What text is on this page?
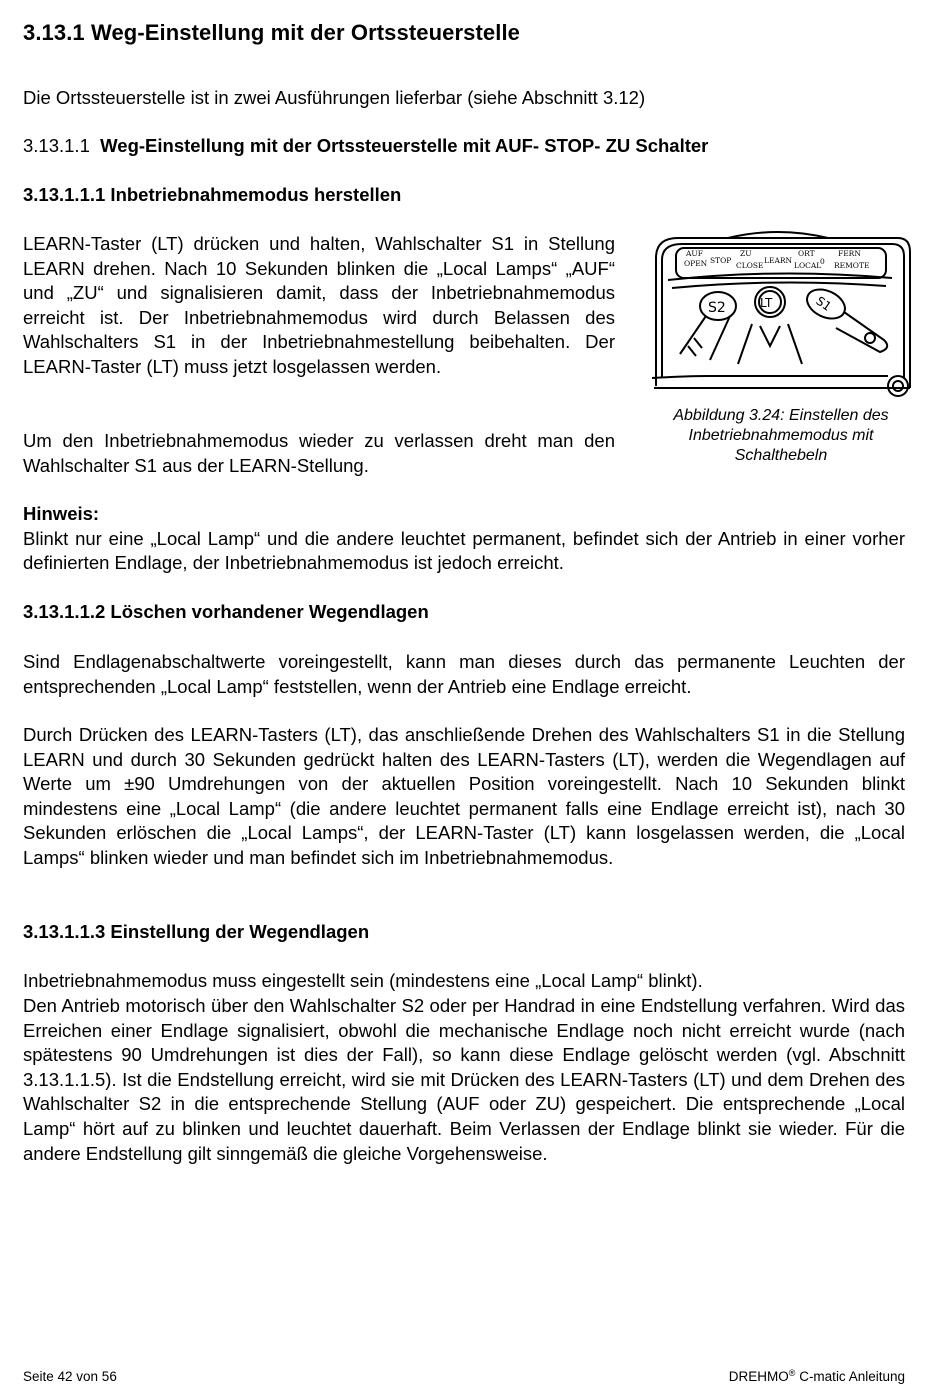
3.13.1 Weg-Einstellung mit der Ortssteuerstelle

Die Ortssteuerstelle ist in zwei Ausführungen lieferbar (siehe Abschnitt 3.12)

3.13.1.1 Weg-Einstellung mit der Ortssteuerstelle mit AUF- STOP- ZU Schalter

3.13.1.1.1 Inbetriebnahmemodus herstellen

LEARN-Taster (LT) drücken und halten, Wahlschalter S1 in Stellung LEARN drehen. Nach 10 Sekunden blinken die „Local Lamps“ „AUF“ und „ZU“ und signalisieren damit, dass der Inbetriebnahmemodus erreicht ist. Der Inbetriebnahmemodus wird durch Belassen des Wahlschalters S1 in der Inbetriebnahmestellung beibehalten. Der LEARN-Taster (LT) muss jetzt losgelassen werden.

Um den Inbetriebnahmemodus wieder zu verlassen dreht man den Wahlschalter S1 aus der LEARN-Stellung.

Hinweis:
Blinkt nur eine „Local Lamp“ und die andere leuchtet permanent, befindet sich der Antrieb in einer vorher definierten Endlage, der Inbetriebnahmemodus ist jedoch erreicht.

3.13.1.1.2 Löschen vorhandener Wegendlagen

Sind Endlagenabschaltwerte voreingestellt, kann man dieses durch das permanente Leuchten der entsprechenden „Local Lamp“ feststellen, wenn der Antrieb eine Endlage erreicht.

Durch Drücken des LEARN-Tasters (LT), das anschließende Drehen des Wahlschalters S1 in die Stellung LEARN und durch 30 Sekunden gedrückt halten des LEARN-Tasters (LT), werden die Wegendlagen auf Werte um ±90 Umdrehungen von der aktuellen Position voreingestellt. Nach 10 Sekunden blinkt mindestens eine „Local Lamp“ (die andere leuchtet permanent falls eine Endlage erreicht ist), nach 30 Sekunden erlöschen die „Local Lamps“, der LEARN-Taster (LT) kann losgelassen werden, die „Local Lamps“ blinken wieder und man befindet sich im Inbetriebnahmemodus.

3.13.1.1.3 Einstellung der Wegendlagen

Inbetriebnahmemodus muss eingestellt sein (mindestens eine „Local Lamp“ blinkt).

Den Antrieb motorisch über den Wahlschalter S2 oder per Handrad in eine Endstellung verfahren. Wird das Erreichen einer Endlage signalisiert, obwohl die mechanische Endlage noch nicht erreicht wurde (nach spätestens 90 Umdrehungen ist dies der Fall), so kann diese Endlage gelöscht werden (vgl. Abschnitt 3.13.1.1.5). Ist die Endstellung erreicht, wird sie mit Drücken des LEARN-Tasters (LT) und dem Drehen des Wahlschalter S2 in die entsprechende Stellung (AUF oder ZU) gespeichert. Die entsprechende „Local Lamp“ hört auf zu blinken und leuchtet dauerhaft. Beim Verlassen der Endlage blinkt sie wieder. Für die andere Endstellung gilt sinngemäß die gleiche Vorgehensweise.

AUF
OPEN STOP
ZU
CLOSE
LEARN
ORT
LOCAL
0
FERN
REMOTE
S2	LT	S1
Abbildung 3.24: Einstellen des Inbetriebnahmemodus mit Schalthebeln
Seite 42 von 56	DREHMO® C-matic Anleitung
